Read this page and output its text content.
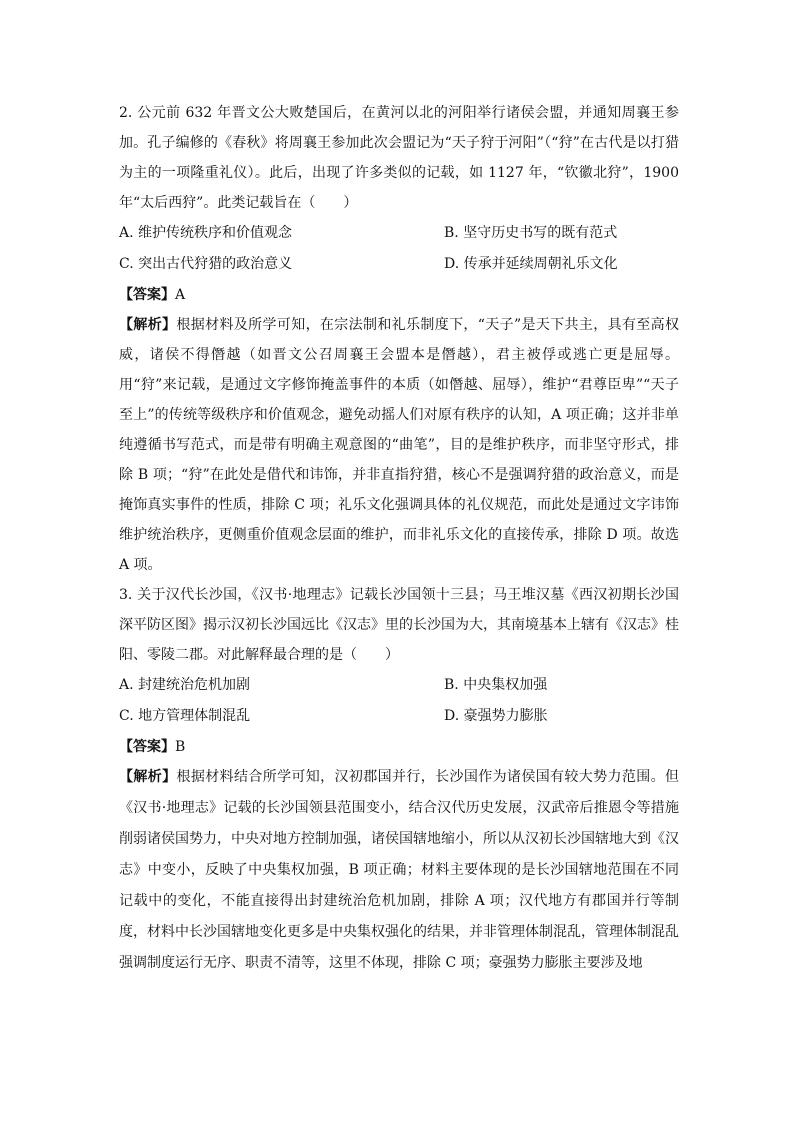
2. 公元前 632 年晋文公大败楚国后，在黄河以北的河阳举行诸侯会盟，并通知周襄王参加。孔子编修的《春秋》将周襄王参加此次会盟记为“天子狩于河阳”（“狩”在古代是以打猎为主的一项隆重礼仪）。此后，出现了许多类似的记载，如 1127 年，“钦徽北狩”，1900 年“太后西狩”。此类记载旨在（　　）

A. 维护传统秩序和价值观念	B. 坚守历史书写的既有范式
C. 突出古代狩猎的政治意义	D. 传承并延续周朝礼乐文化

【答案】A

【解析】根据材料及所学可知，在宗法制和礼乐制度下，“天子”是天下共主，具有至高权威，诸侯不得僭越（如晋文公召周襄王会盟本是僭越），君主被俘或逃亡更是屈辱。用“狩”来记载，是通过文字修饰掩盖事件的本质（如僭越、屈辱），维护“君尊臣卑”“天子至上”的传统等级秩序和价值观念，避免动摇人们对原有秩序的认知，A 项正确；这并非单纯遵循书写范式，而是带有明确主观意图的“曲笔”，目的是维护秩序，而非坚守形式，排除 B 项；“狩”在此处是借代和讳饰，并非直指狩猎，核心不是强调狩猎的政治意义，而是掩饰真实事件的性质，排除 C 项；礼乐文化强调具体的礼仪规范，而此处是通过文字讳饰维护统治秩序，更侧重价值观念层面的维护，而非礼乐文化的直接传承，排除 D 项。故选 A 项。

3. 关于汉代长沙国，《汉书·地理志》记载长沙国领十三县；马王堆汉墓《西汉初期长沙国深平防区图》揭示汉初长沙国远比《汉志》里的长沙国为大，其南境基本上辖有《汉志》桂阳、零陵二郡。对此解释最合理的是（　　）

A. 封建统治危机加剧	B. 中央集权加强
C. 地方管理体制混乱	D. 豪强势力膨胀

【答案】B

【解析】根据材料结合所学可知，汉初郡国并行，长沙国作为诸侯国有较大势力范围。但《汉书·地理志》记载的长沙国领县范围变小，结合汉代历史发展，汉武帝后推恩令等措施削弱诸侯国势力，中央对地方控制加强，诸侯国辖地缩小，所以从汉初长沙国辖地大到《汉志》中变小，反映了中央集权加强，B 项正确；材料主要体现的是长沙国辖地范围在不同记载中的变化，不能直接得出封建统治危机加剧，排除 A 项；汉代地方有郡国并行等制度，材料中长沙国辖地变化更多是中央集权强化的结果，并非管理体制混乱，管理体制混乱强调制度运行无序、职责不清等，这里不体现，排除 C 项；豪强势力膨胀主要涉及地
